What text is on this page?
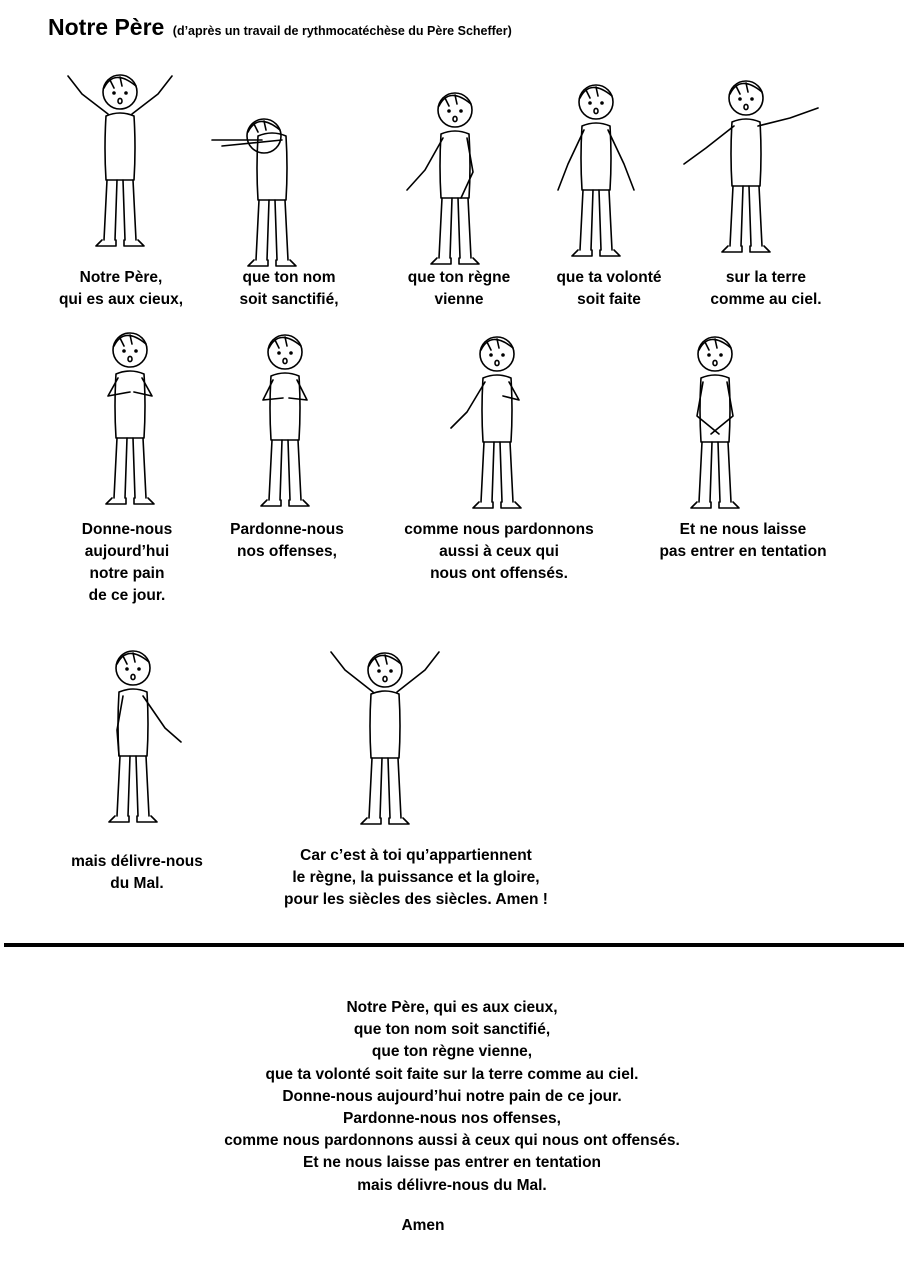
Notre Père (d’après un travail de rythmocatéchèse du Père Scheffer)
Notre Père,
qui es aux cieux,
que ton nom
soit sanctifié,
que ton règne
vienne
que ta volonté
soit faite
sur la terre
comme au ciel.
Donne-nous
aujourd’hui
notre pain
de ce jour.
Pardonne-nous
nos offenses,
comme nous pardonnons
aussi à ceux qui
nous ont offensés.
Et ne nous laisse
pas entrer en tentation
mais délivre-nous
du Mal.
Car c’est à toi qu’appartiennent
le règne, la puissance et la gloire,
pour les siècles des siècles. Amen !
Notre Père, qui es aux cieux,
que ton nom soit sanctifié,
que ton règne vienne,
que ta volonté soit faite sur la terre comme au ciel.
Donne-nous aujourd’hui notre pain de ce jour.
Pardonne-nous nos offenses,
comme nous pardonnons aussi à ceux qui nous ont offensés.
Et ne nous laisse pas entrer en tentation
mais délivre-nous du Mal.
Amen
